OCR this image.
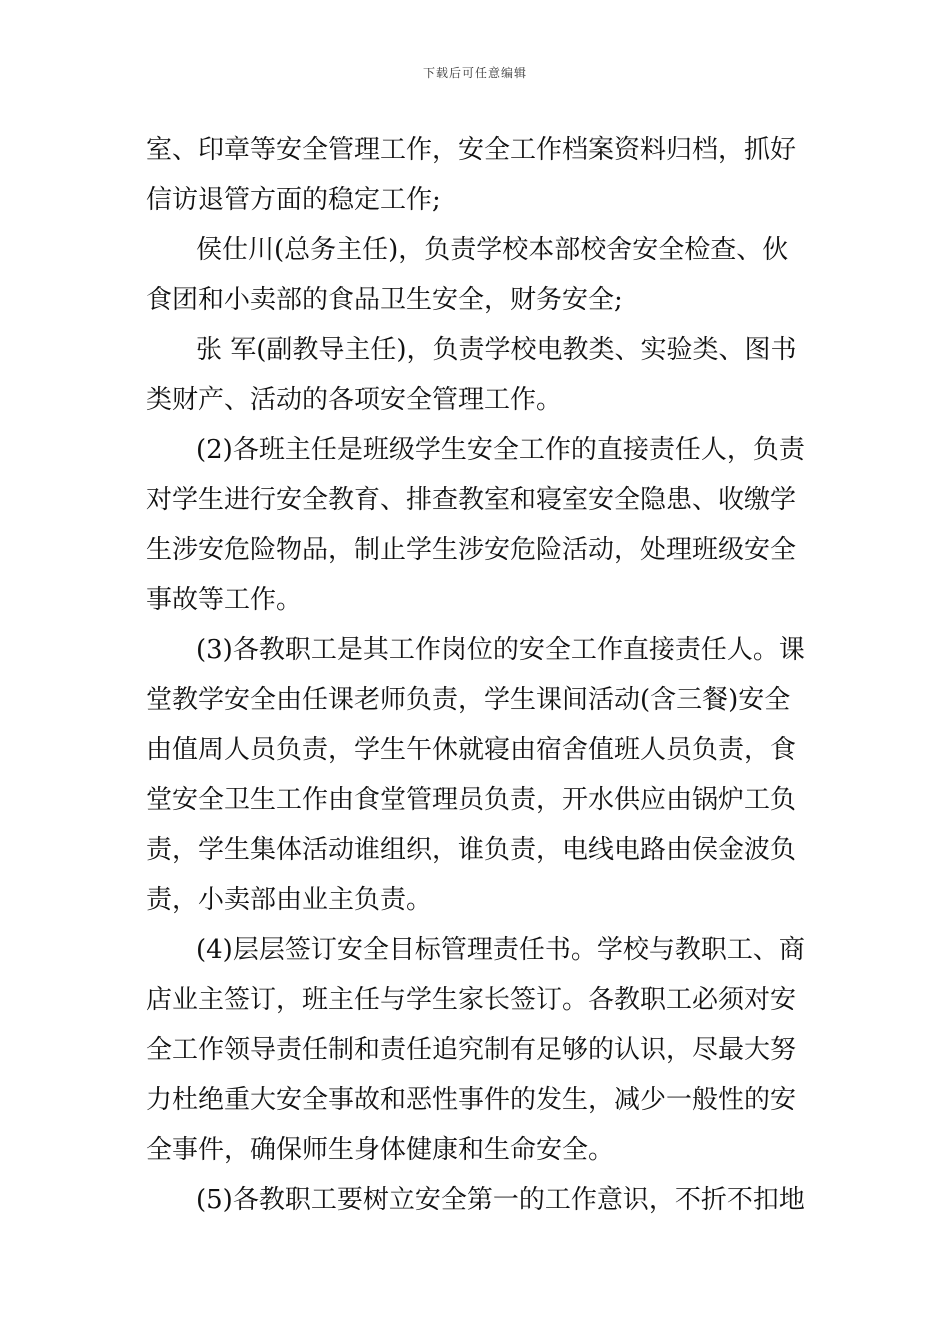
下载后可任意编辑
室、印章等安全管理工作，安全工作档案资料归档，抓好
信访退管方面的稳定工作;
侯仕川(总务主任)，负责学校本部校舍安全检查、伙
食团和小卖部的食品卫生安全，财务安全;
张 军(副教导主任)，负责学校电教类、实验类、图书
类财产、活动的各项安全管理工作。
(2)各班主任是班级学生安全工作的直接责任人，负责
对学生进行安全教育、排查教室和寝室安全隐患、收缴学
生涉安危险物品，制止学生涉安危险活动，处理班级安全
事故等工作。
(3)各教职工是其工作岗位的安全工作直接责任人。课
堂教学安全由任课老师负责，学生课间活动(含三餐)安全
由值周人员负责，学生午休就寝由宿舍值班人员负责，食
堂安全卫生工作由食堂管理员负责，开水供应由锅炉工负
责，学生集体活动谁组织，谁负责，电线电路由侯金波负
责，小卖部由业主负责。
(4)层层签订安全目标管理责任书。学校与教职工、商
店业主签订，班主任与学生家长签订。各教职工必须对安
全工作领导责任制和责任追究制有足够的认识，尽最大努
力杜绝重大安全事故和恶性事件的发生，减少一般性的安
全事件，确保师生身体健康和生命安全。
(5)各教职工要树立安全第一的工作意识，不折不扣地
